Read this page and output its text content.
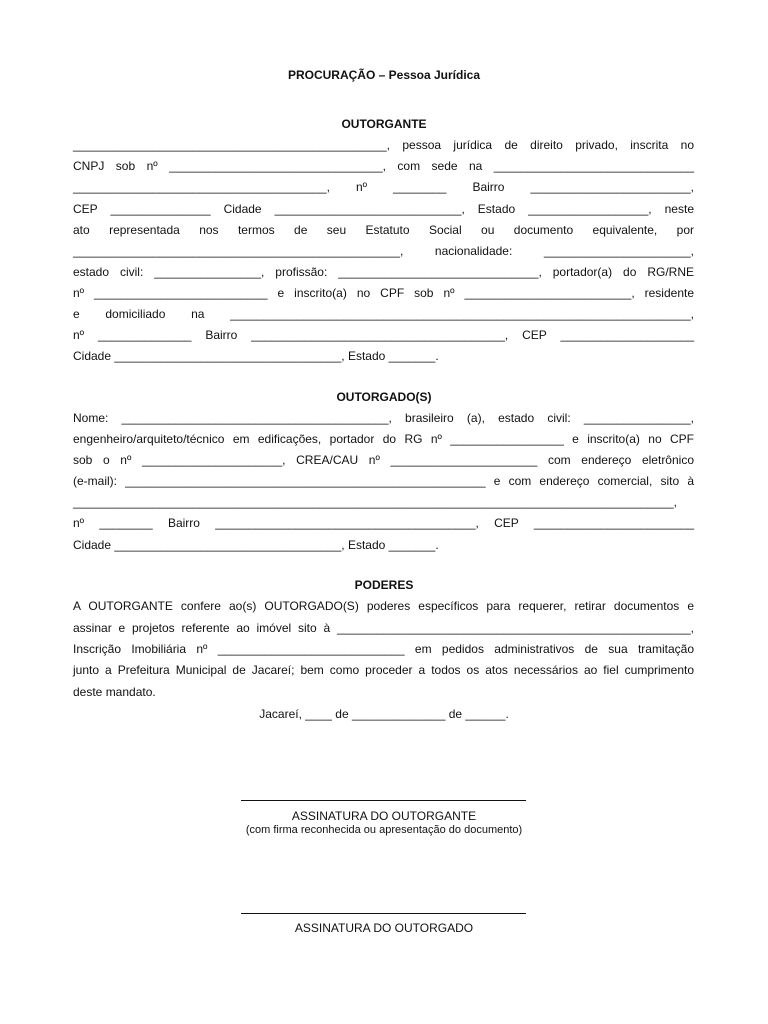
PROCURAÇÃO – Pessoa Jurídica
OUTORGANTE
_______________________________________________, pessoa jurídica de direito privado, inscrita no
CNPJ sob nº ________________________________, com sede na ______________________________
______________________________________, nº ________ Bairro ________________________,
CEP _______________ Cidade ____________________________, Estado __________________, neste
ato representada nos termos de seu Estatuto Social ou documento equivalente, por
_________________________________________________, nacionalidade: ______________________,
estado civil: ________________, profissão: ______________________________, portador(a) do RG/RNE
nº __________________________ e inscrito(a) no CPF sob nº _________________________, residente
e domiciliado na _____________________________________________________________________,
nº ______________ Bairro ______________________________________, CEP ____________________
Cidade __________________________________, Estado _______.
OUTORGADO(S)
Nome: ________________________________________, brasileiro (a), estado civil: ________________,
engenheiro/arquiteto/técnico em edificações, portador do RG nº _________________ e inscrito(a) no CPF
sob o nº _____________________, CREA/CAU nº ______________________ com endereço eletrônico
(e-mail): ______________________________________________________ e com endereço comercial, sito à
__________________________________________________________________________________________,
nº ________ Bairro _______________________________________, CEP ________________________
Cidade __________________________________, Estado _______.
PODERES
A OUTORGANTE confere ao(s) OUTORGADO(S) poderes específicos para requerer, retirar documentos e
assinar e projetos referente ao imóvel sito à _____________________________________________________,
Inscrição Imobiliária nº ____________________________ em pedidos administrativos de sua tramitação
junto a Prefeitura Municipal de Jacareí; bem como proceder a todos os atos necessários ao fiel cumprimento
deste mandato.
Jacareí, ____ de ______________ de ______.
ASSINATURA DO OUTORGANTE
(com firma reconhecida ou apresentação do documento)
ASSINATURA DO OUTORGADO
